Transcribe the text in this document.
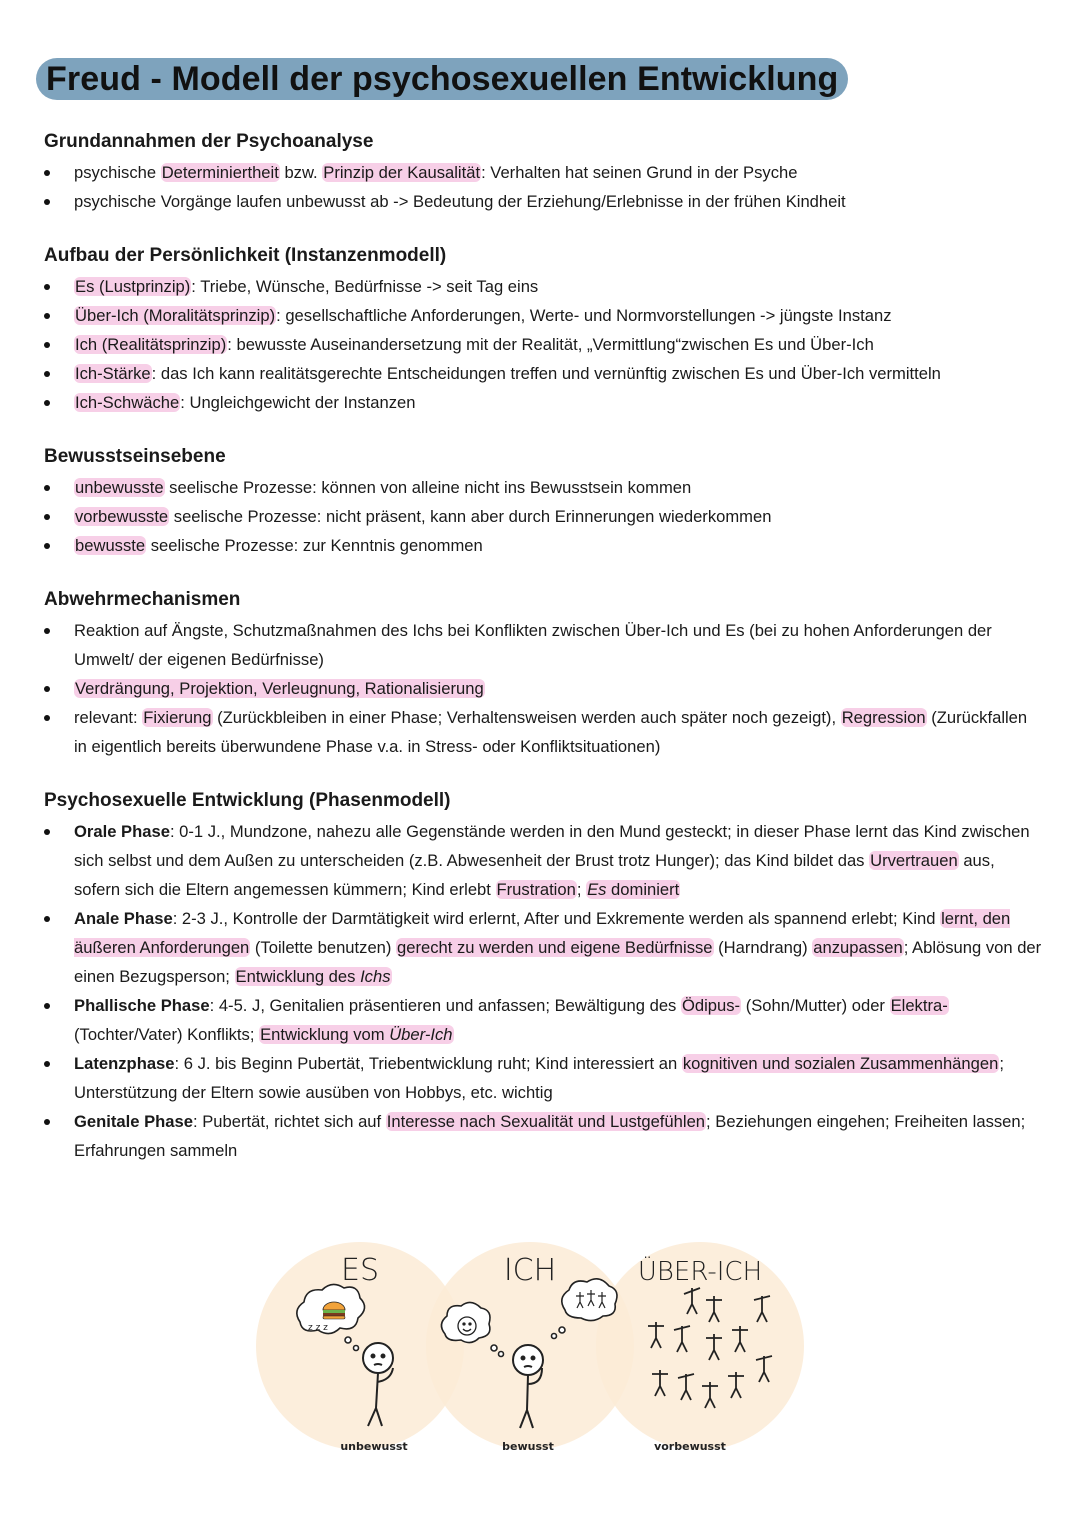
Freud - Modell der psychosexuellen Entwicklung
Grundannahmen der Psychoanalyse
psychische Determiniertheit bzw. Prinzip der Kausalität: Verhalten hat seinen Grund in der Psyche
psychische Vorgänge laufen unbewusst ab -> Bedeutung der Erziehung/Erlebnisse in der frühen Kindheit
Aufbau der Persönlichkeit (Instanzenmodell)
Es (Lustprinzip): Triebe, Wünsche, Bedürfnisse -> seit Tag eins
Über-Ich (Moralitätsprinzip): gesellschaftliche Anforderungen, Werte- und Normvorstellungen -> jüngste Instanz
Ich (Realitätsprinzip): bewusste Auseinandersetzung mit der Realität, „Vermittlung“zwischen Es und Über-Ich
Ich-Stärke: das Ich kann realitätsgerechte Entscheidungen treffen und vernünftig zwischen Es und Über-Ich vermitteln
Ich-Schwäche: Ungleichgewicht der Instanzen
Bewusstseinsebene
unbewusste seelische Prozesse: können von alleine nicht ins Bewusstsein kommen
vorbewusste seelische Prozesse: nicht präsent, kann aber durch Erinnerungen wiederkommen
bewusste seelische Prozesse: zur Kenntnis genommen
Abwehrmechanismen
Reaktion auf Ängste, Schutzmaßnahmen des Ichs bei Konflikten zwischen Über-Ich und Es (bei zu hohen Anforderungen der Umwelt/ der eigenen Bedürfnisse)
Verdrängung, Projektion, Verleugnung, Rationalisierung
relevant: Fixierung (Zurückbleiben in einer Phase; Verhaltensweisen werden auch später noch gezeigt), Regression (Zurückfallen in eigentlich bereits überwundene Phase v.a. in Stress- oder Konfliktsituationen)
Psychosexuelle Entwicklung (Phasenmodell)
Orale Phase: 0-1 J., Mundzone, nahezu alle Gegenstände werden in den Mund gesteckt; in dieser Phase lernt das Kind zwischen sich selbst und dem Außen zu unterscheiden (z.B. Abwesenheit der Brust trotz Hunger); das Kind bildet das Urvertrauen aus, sofern sich die Eltern angemessen kümmern; Kind erlebt Frustration; Es dominiert
Anale Phase: 2-3 J., Kontrolle der Darmtätigkeit wird erlernt, After und Exkremente werden als spannend erlebt; Kind lernt, den äußeren Anforderungen (Toilette benutzen) gerecht zu werden und eigene Bedürfnisse (Harndrang) anzupassen; Ablösung von der einen Bezugsperson; Entwicklung des Ichs
Phallische Phase: 4-5. J, Genitalien präsentieren und anfassen; Bewältigung des Ödipus- (Sohn/Mutter) oder Elektra- (Tochter/Vater) Konflikts; Entwicklung vom Über-Ich
Latenzphase: 6 J. bis Beginn Pubertät, Triebentwicklung ruht; Kind interessiert an kognitiven und sozialen Zusammenhängen; Unterstützung der Eltern sowie ausüben von Hobbys, etc. wichtig
Genitale Phase: Pubertät, richtet sich auf Interesse nach Sexualität und Lustgefühlen; Beziehungen eingehen; Freiheiten lassen; Erfahrungen sammeln
ES	ICH	ÜBER-ICH
z z z
unbewusst	bewusst	vorbewusst
